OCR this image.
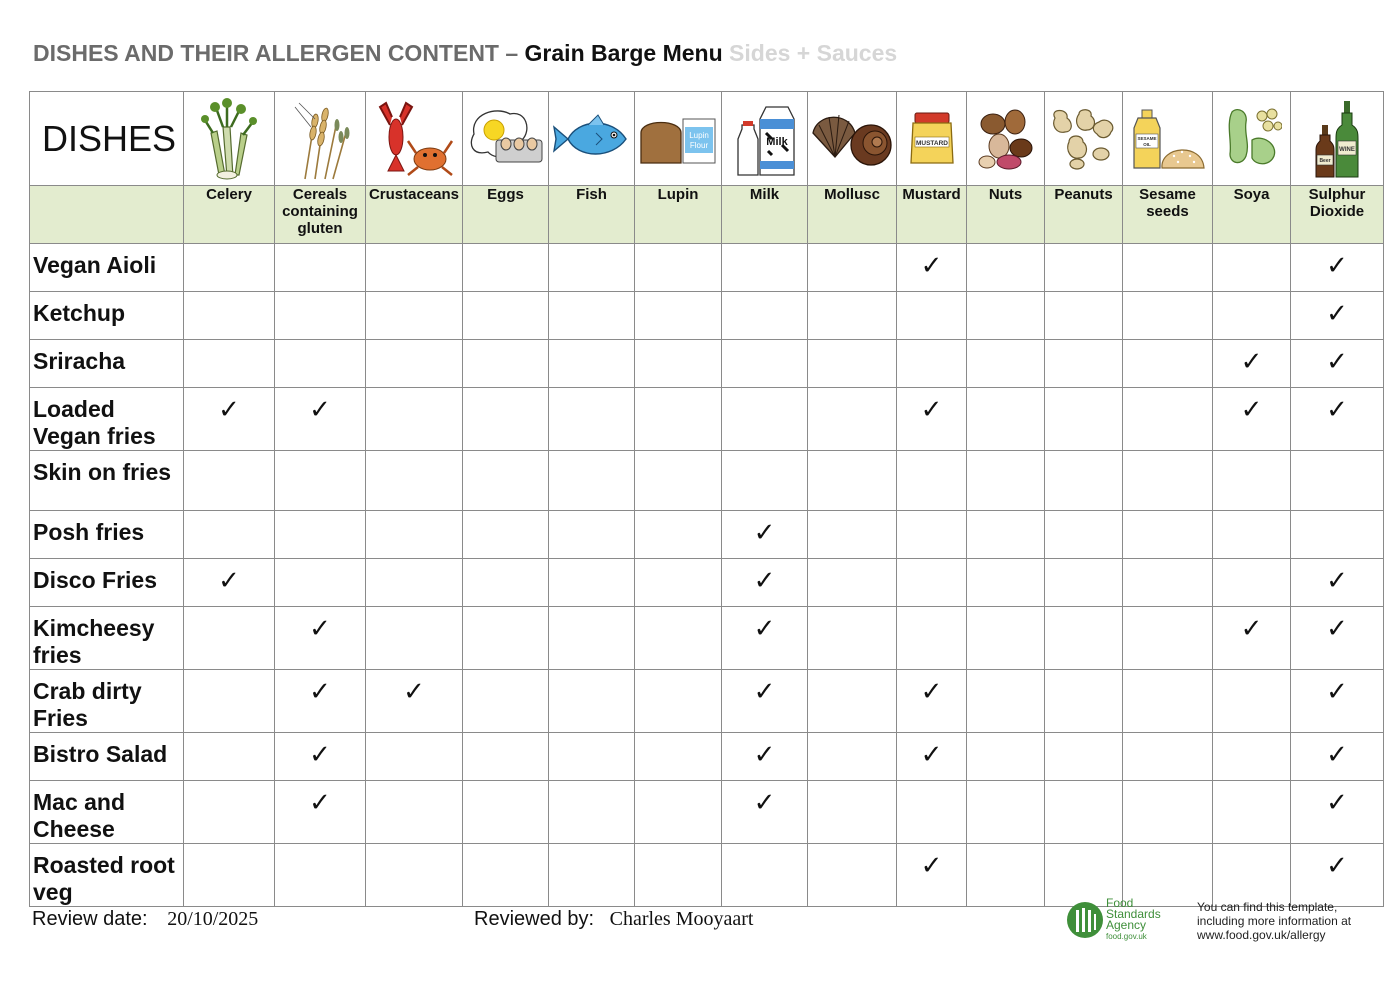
DISHES AND THEIR ALLERGEN CONTENT – Grain Barge Menu Sides + Sauces
DISHES						Lupin
Flour	Milk		MUSTARD			SESAME
OIL		WINE
Beer

	Celery	Cereals containing gluten	Crustaceans	Eggs	Fish	Lupin	Milk	Mollusc	Mustard	Nuts	Peanuts	Sesame seeds	Soya	Sulphur Dioxide

Vegan Aioli									✓					✓

Ketchup														✓

Sriracha													✓	✓

Loaded
Vegan fries	✓	✓							✓				✓	✓

Skin on fries														

Posh fries							✓							

Disco Fries	✓						✓							✓

Kimcheesy
fries		✓					✓						✓	✓

Crab dirty
Fries		✓	✓				✓		✓					✓

Bistro Salad		✓					✓		✓					✓

Mac and
Cheese		✓					✓							✓

Roasted root
veg									✓					✓
Review date: 20/10/2025	Reviewed by: Charles Mooyaart
Food
Standards
Agency
food.gov.uk
You can find this template,
including more information at
www.food.gov.uk/allergy
